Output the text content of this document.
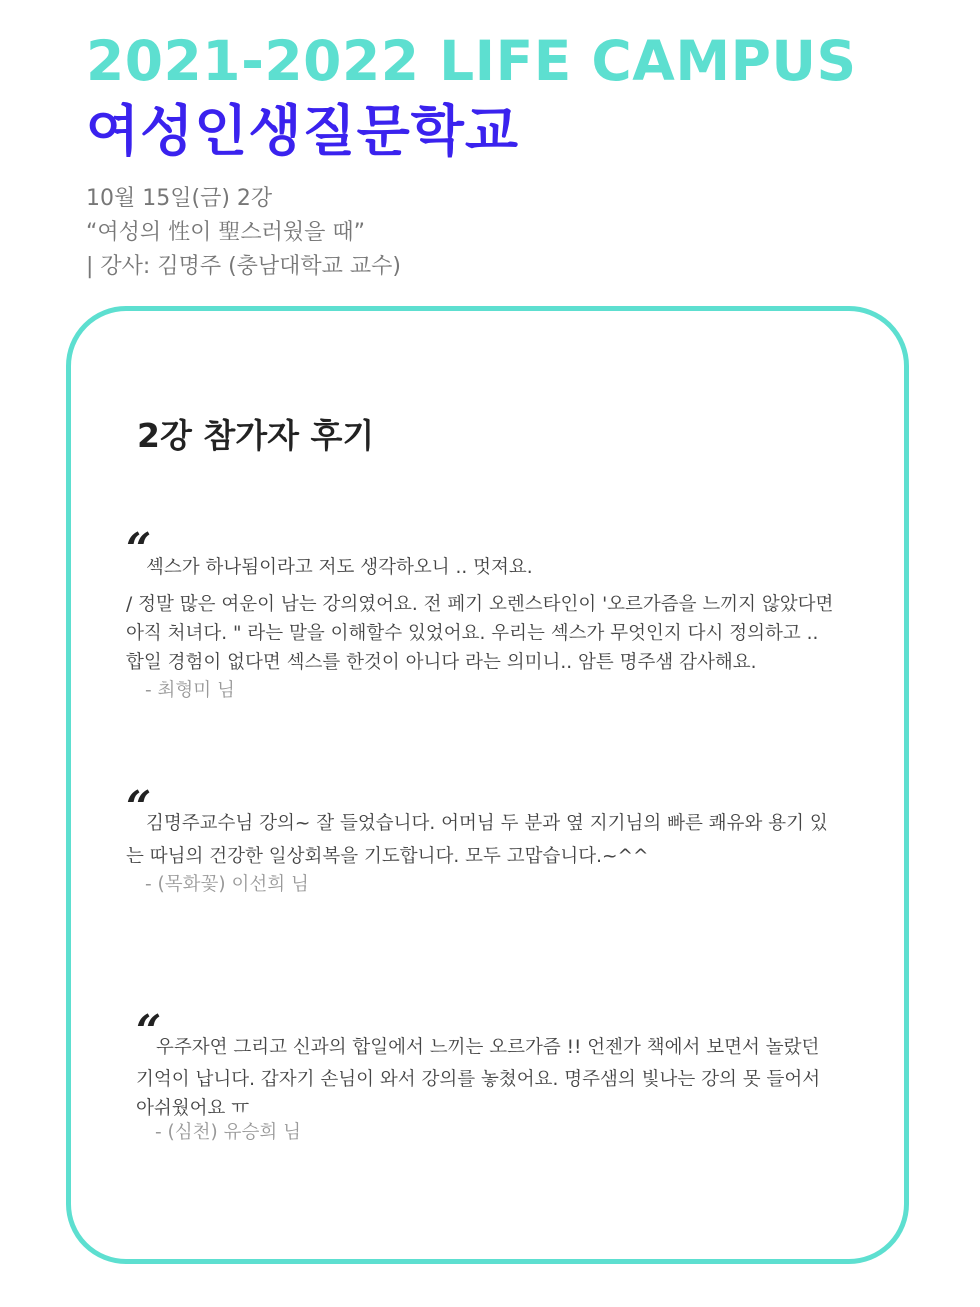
2021-2022 LIFE CAMPUS
여성인생질문학교
10월 15일(금) 2강
“여성의 性이 聖스러웠을 때”
| 강사: 김명주 (충남대학교 교수)
2강 참가자 후기
“

셱스가 하나됨이라고 저도 생각하오니 .. 멋져요.

/ 정말 많은 여운이 남는 강의였어요. 전 페기 오렌스타인이 '오르가즘을 느끼지 않았다면

아직 처녀다. " 라는 말을 이해할수 있었어요. 우리는 섹스가 무엇인지 다시 정의하고 ..

합일 경험이 없다면 섹스를 한것이 아니다 라는 의미니.. 암튼 명주샘 감사해요.

- 최형미 님
“

김명주교수님 강의~ 잘 들었습니다. 어머님 두 분과 옆 지기님의 빠른 쾌유와 용기 있

는 따님의 건강한 일상회복을 기도합니다. 모두 고맙습니다.~^^

- (목화꽃) 이선희 님
“

우주자연 그리고 신과의 합일에서 느끼는 오르가즘 !! 언젠가 책에서 보면서 놀랐던

기억이 납니다. 갑자기 손님이 와서 강의를 놓쳤어요. 명주샘의 빛나는 강의 못 들어서

아쉬웠어요 ㅠ

- (심천) 유승희 님
